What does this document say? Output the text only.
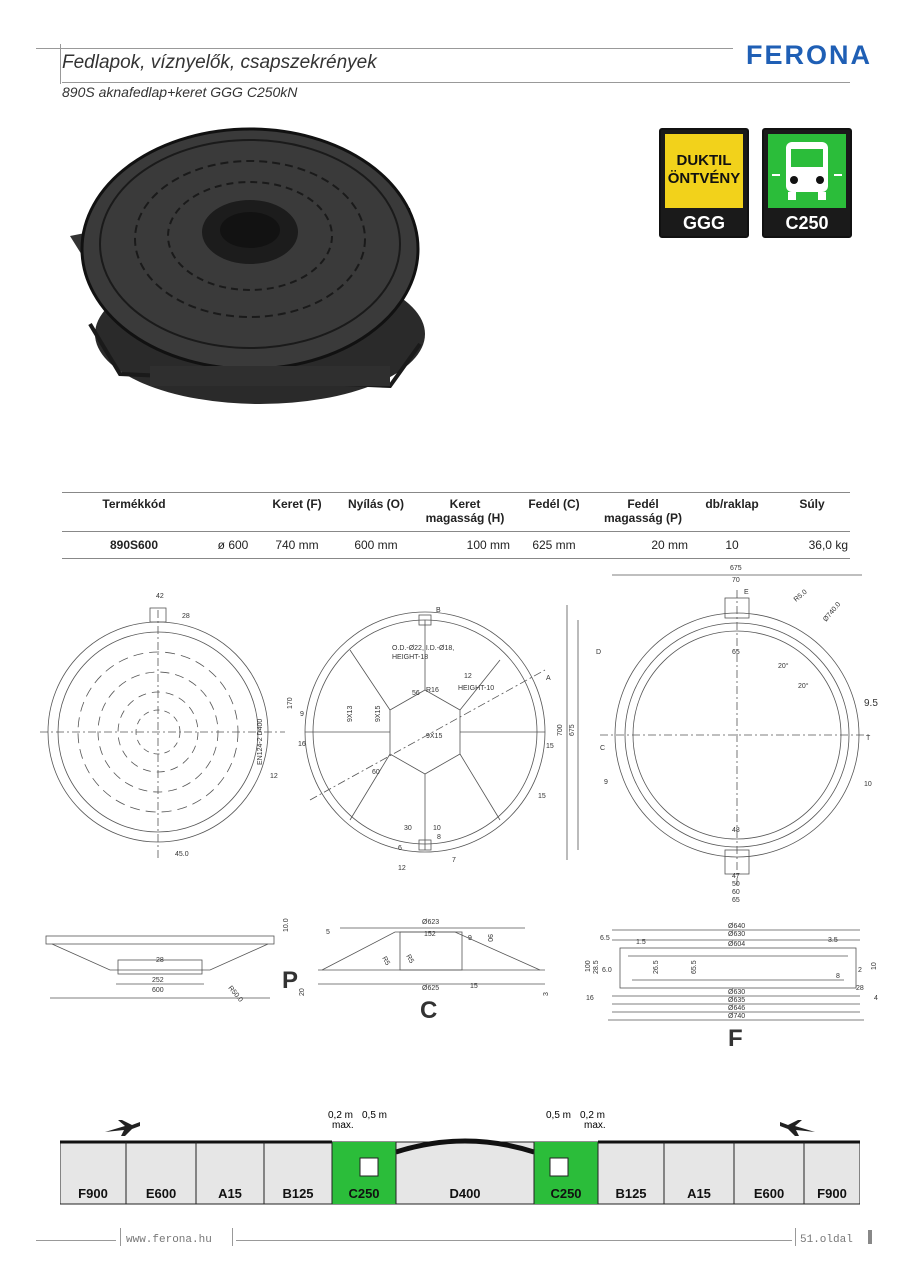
Fedlapok, víznyelők, csapszekrények
890S aknafedlap+keret GGG C250kN
FERONA
DUKTIL
ÖNTVÉNY
GGG	C250
Termékkód		Keret (F)	Nyílás (O)	Keret magasság (H)	Fedél (C)	Fedél magasság (P)	db/raklap	Súly
890S600	ø 600	740 mm	600 mm	100 mm	625 mm	20 mm	10	36,0 kg
42
28
12
45.0
EN124-2 D400
B
A
O.D.-Ø22, I.D.-Ø18,
HEIGHT-18
HEIGHT-10
R16
12
56
170
9
16
9X13	9X15
9X15
60
15
15
30	10
8
6
12
7
675
70
E	R5.0
Ø740.0
65
20°
20°
700 675
9.5
10
9
48
47
50
60
65
C
T
D
10.0
28
252
600	R50.0
P
Ø623
152
9 90
5
R5 R5
Ø625	15
20	3
C
Ø640
Ø630
Ø604
6.5
1.5	3.5
100 28.5 6.0	26.5	65.5
8
2
10
Ø630
Ø635
Ø646
Ø740
16
28
4
F
0,2 m 0,5 m
max.
0,5 m 0,2 m
max.
F900	E600	A15	B125	C250	D400	C250	B125	A15	E600	F900
www.ferona.hu	51.oldal
